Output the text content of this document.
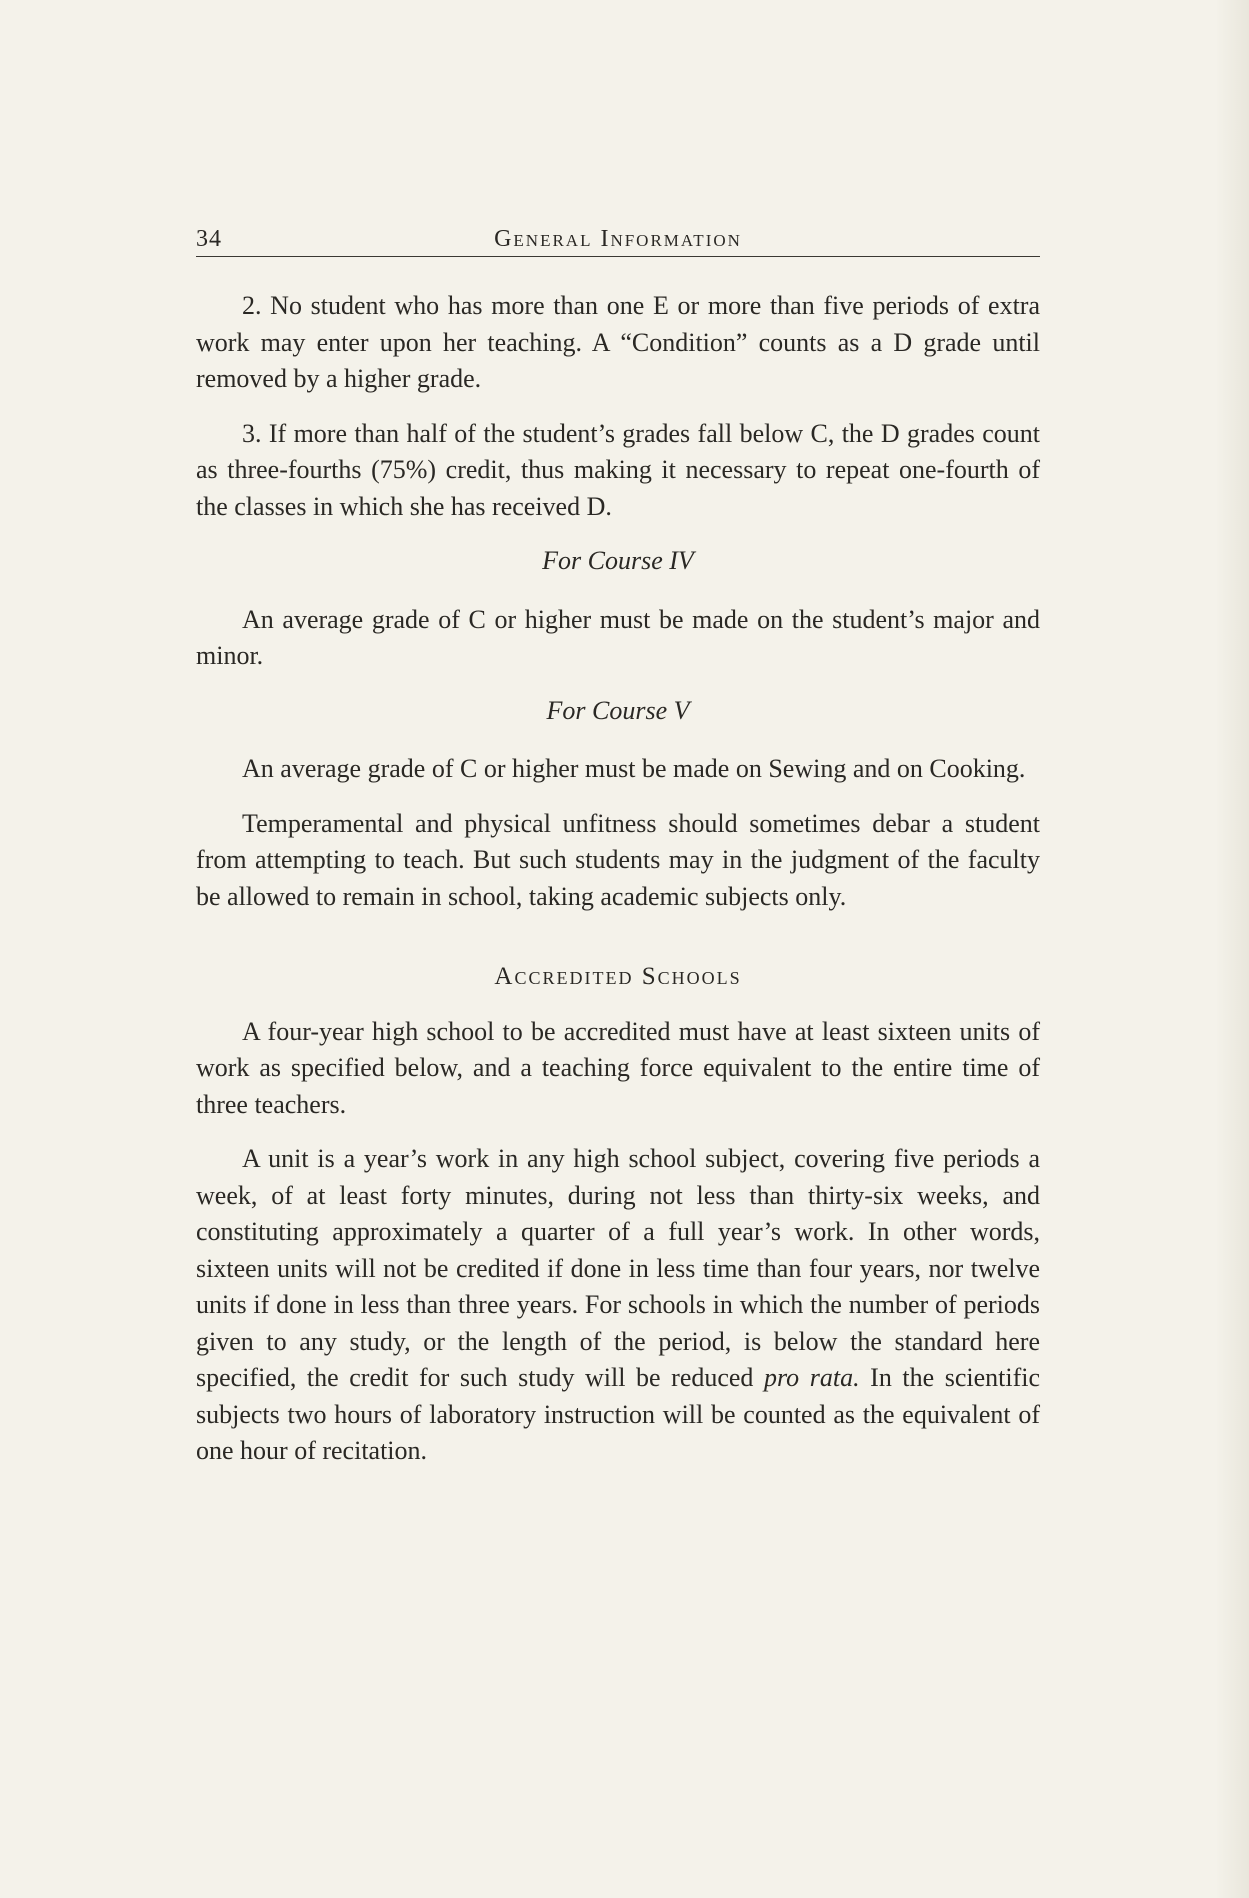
34	General Information

2. No student who has more than one E or more than five periods of extra work may enter upon her teaching. A “Condition” counts as a D grade until removed by a higher grade.

3. If more than half of the student’s grades fall below C, the D grades count as three-fourths (75%) credit, thus making it necessary to repeat one-fourth of the classes in which she has received D.

For Course IV

An average grade of C or higher must be made on the student’s major and minor.

For Course V

An average grade of C or higher must be made on Sewing and on Cooking.

Temperamental and physical unfitness should sometimes debar a student from attempting to teach. But such students may in the judgment of the faculty be allowed to remain in school, taking academic subjects only.

Accredited Schools

A four-year high school to be accredited must have at least sixteen units of work as specified below, and a teaching force equivalent to the entire time of three teachers.

A unit is a year’s work in any high school subject, covering five periods a week, of at least forty minutes, during not less than thirty-six weeks, and constituting approximately a quarter of a full year’s work. In other words, sixteen units will not be credited if done in less time than four years, nor twelve units if done in less than three years. For schools in which the number of periods given to any study, or the length of the period, is below the standard here specified, the credit for such study will be reduced pro rata. In the scientific subjects two hours of laboratory instruction will be counted as the equivalent of one hour of recitation.
